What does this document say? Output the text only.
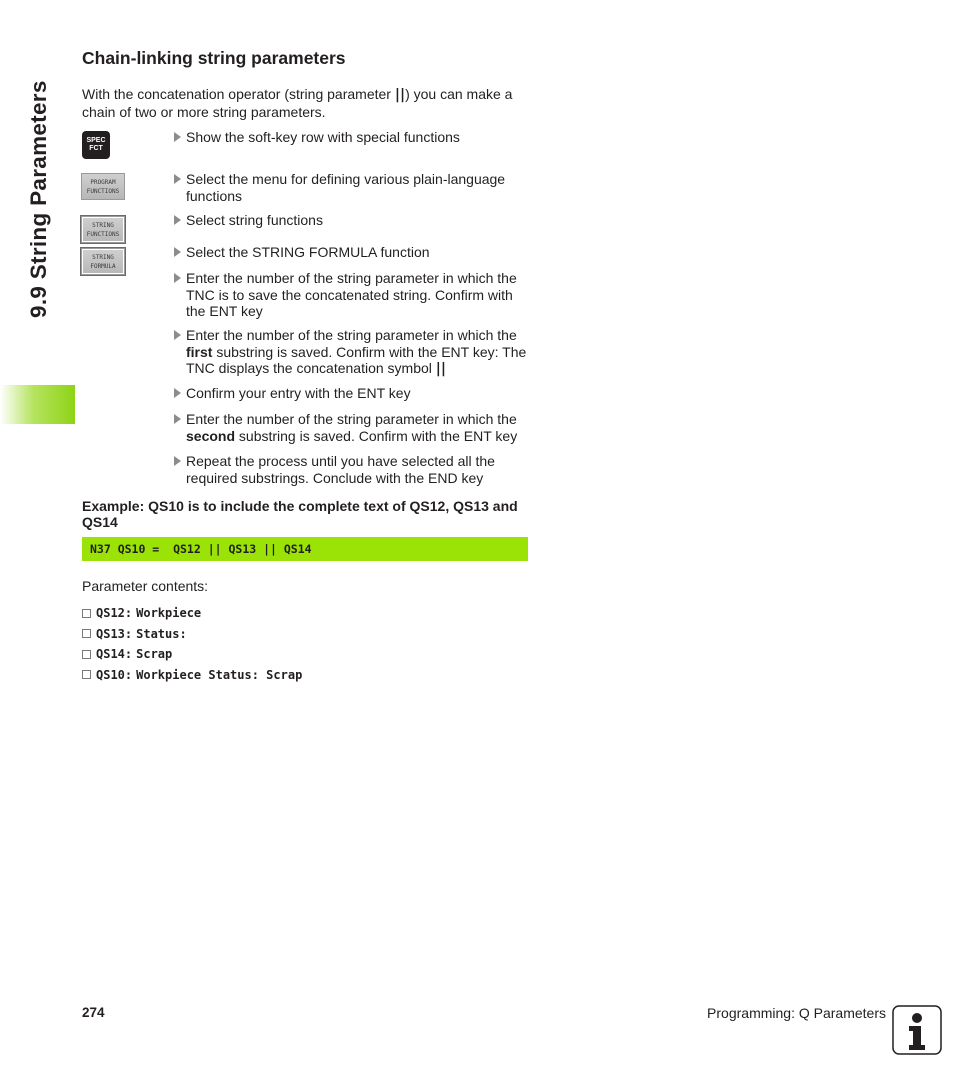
9.9 String Parameters
Chain-linking string parameters

With the concatenation operator (string parameter ||) you can make a chain of two or more string parameters.

SPEC
FCT
PROGRAM
FUNCTIONS
STRING
FUNCTIONS
STRING
FORMULA
Show the soft-key row with special functions
Select the menu for defining various plain-language functions
Select string functions
Select the STRING FORMULA function
Enter the number of the string parameter in which the TNC is to save the concatenated string. Confirm with the ENT key
Enter the number of the string parameter in which the first substring is saved. Confirm with the ENT key: The TNC displays the concatenation symbol ||
Confirm your entry with the ENT key
Enter the number of the string parameter in which the second substring is saved. Confirm with the ENT key
Repeat the process until you have selected all the required substrings. Conclude with the END key
Example: QS10 is to include the complete text of QS12, QS13 and QS14
N37 QS10 =  QS12 || QS13 || QS14
Parameter contents:
QS12: Workpiece
QS13: Status:
QS14: Scrap
QS10: Workpiece Status: Scrap
274	Programming: Q Parameters
